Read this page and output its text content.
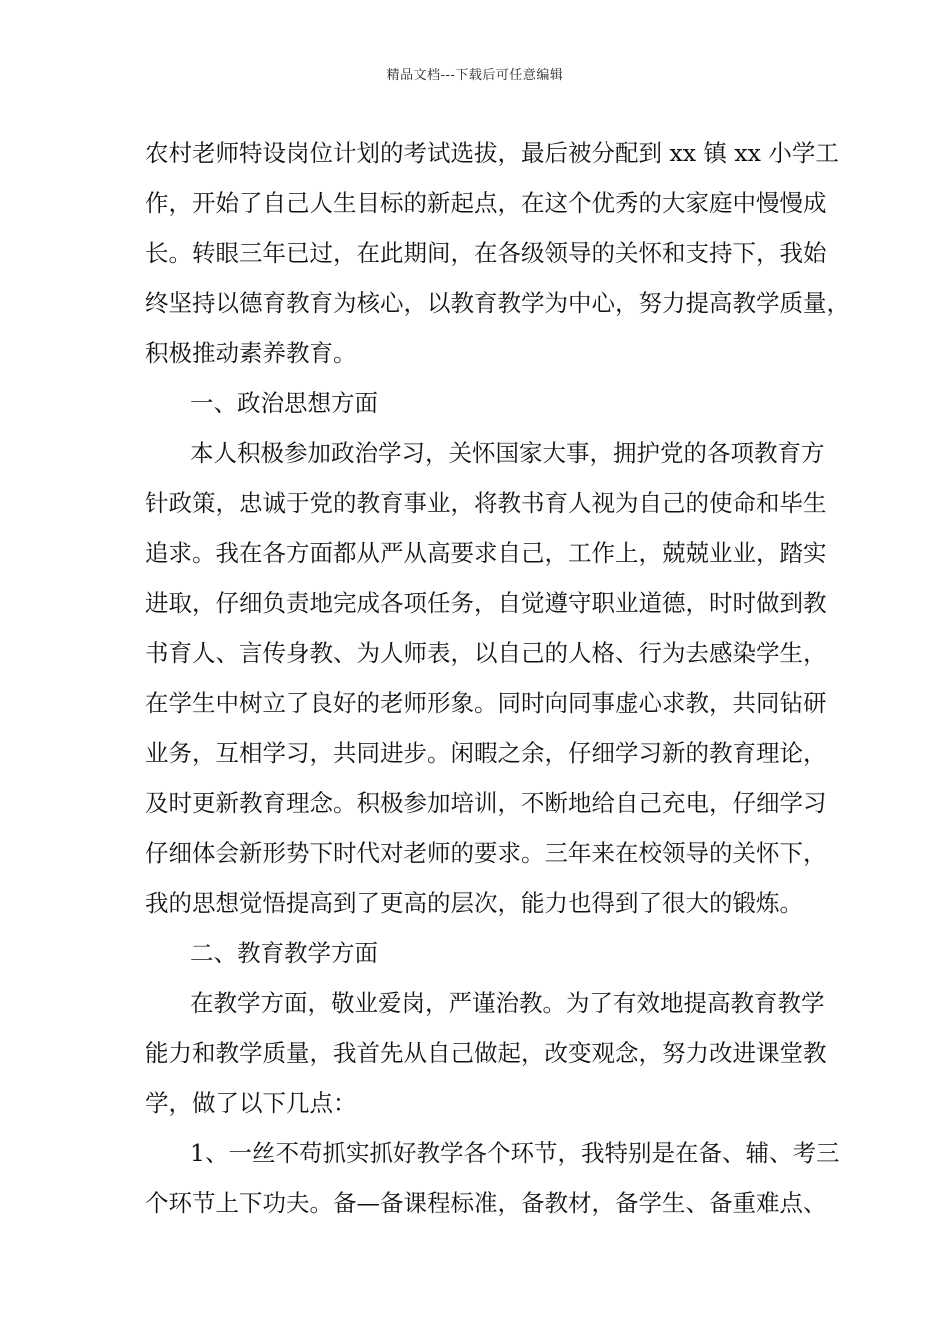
精品文档---下载后可任意编辑
农村老师特设岗位计划的考试选拔，最后被分配到 xx 镇 xx 小学工
作，开始了自己人生目标的新起点，在这个优秀的大家庭中慢慢成
长。转眼三年已过，在此期间，在各级领导的关怀和支持下，我始
终坚持以德育教育为核心，以教育教学为中心，努力提高教学质量，
积极推动素养教育。
一、政治思想方面
本人积极参加政治学习，关怀国家大事，拥护党的各项教育方
针政策，忠诚于党的教育事业，将教书育人视为自己的使命和毕生
追求。我在各方面都从严从高要求自己，工作上，兢兢业业，踏实
进取，仔细负责地完成各项任务，自觉遵守职业道德，时时做到教
书育人、言传身教、为人师表，以自己的人格、行为去感染学生，
在学生中树立了良好的老师形象。同时向同事虚心求教，共同钻研
业务，互相学习，共同进步。闲暇之余，仔细学习新的教育理论，
及时更新教育理念。积极参加培训，不断地给自己充电，仔细学习
仔细体会新形势下时代对老师的要求。三年来在校领导的关怀下，
我的思想觉悟提高到了更高的层次，能力也得到了很大的锻炼。
二、教育教学方面
在教学方面，敬业爱岗，严谨治教。为了有效地提高教育教学
能力和教学质量，我首先从自己做起，改变观念，努力改进课堂教
学，做了以下几点：
1、一丝不苟抓实抓好教学各个环节，我特别是在备、辅、考三
个环节上下功夫。备—备课程标准，备教材，备学生、备重难点、
